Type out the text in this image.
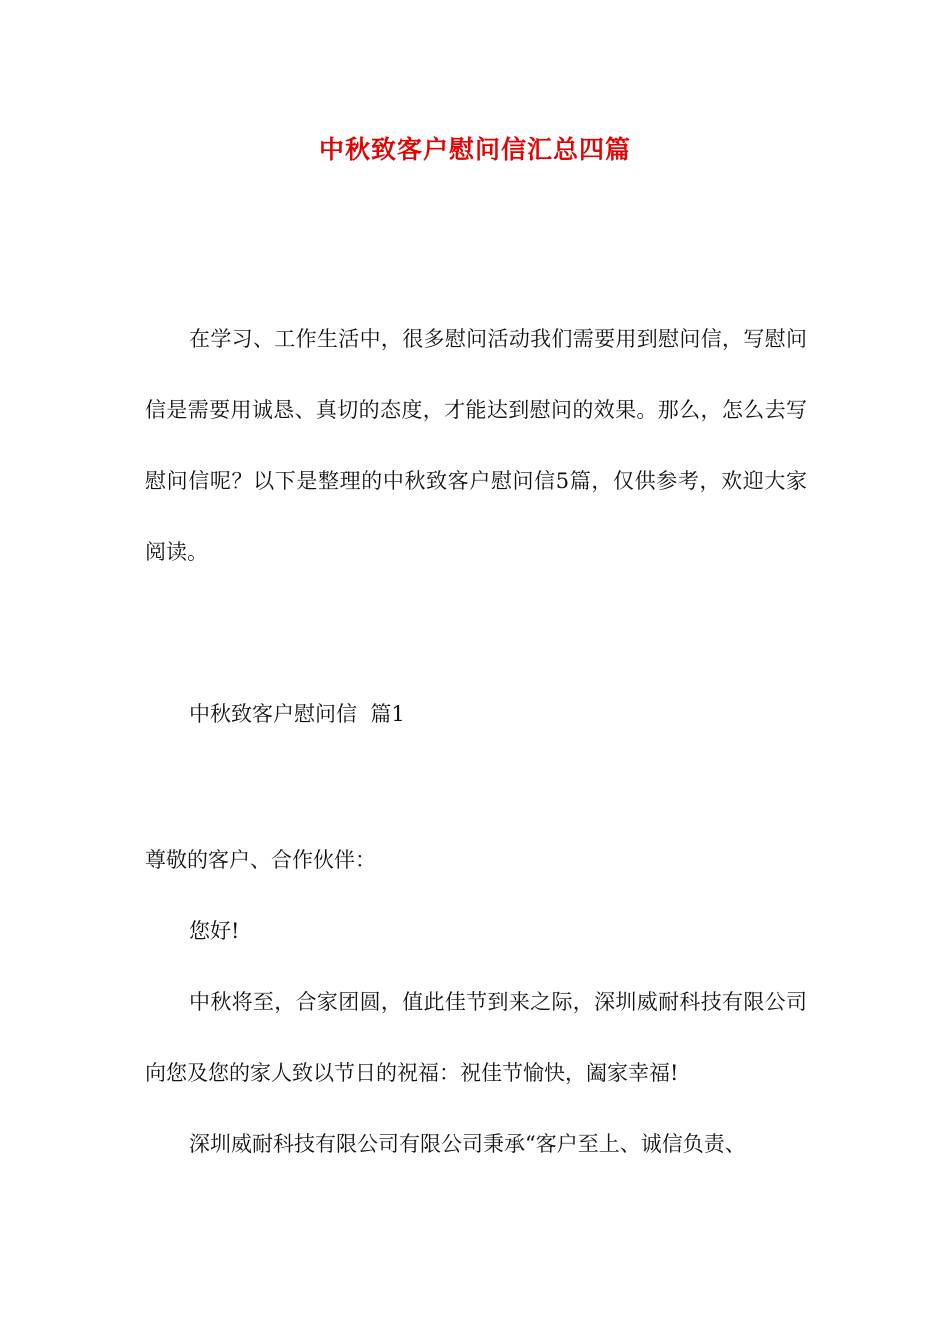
中秋致客户慰问信汇总四篇

在学习、工作生活中，很多慰问活动我们需要用到慰问信，写慰问信是需要用诚恳、真切的态度，才能达到慰问的效果。那么，怎么去写慰问信呢？以下是整理的中秋致客户慰问信5篇，仅供参考，欢迎大家阅读。

中秋致客户慰问信  篇1

尊敬的客户、合作伙伴：

您好!

中秋将至，合家团圆，值此佳节到来之际，深圳威耐科技有限公司向您及您的家人致以节日的祝福：祝佳节愉快，阖家幸福!

深圳威耐科技有限公司有限公司秉承“客户至上、诚信负责、
